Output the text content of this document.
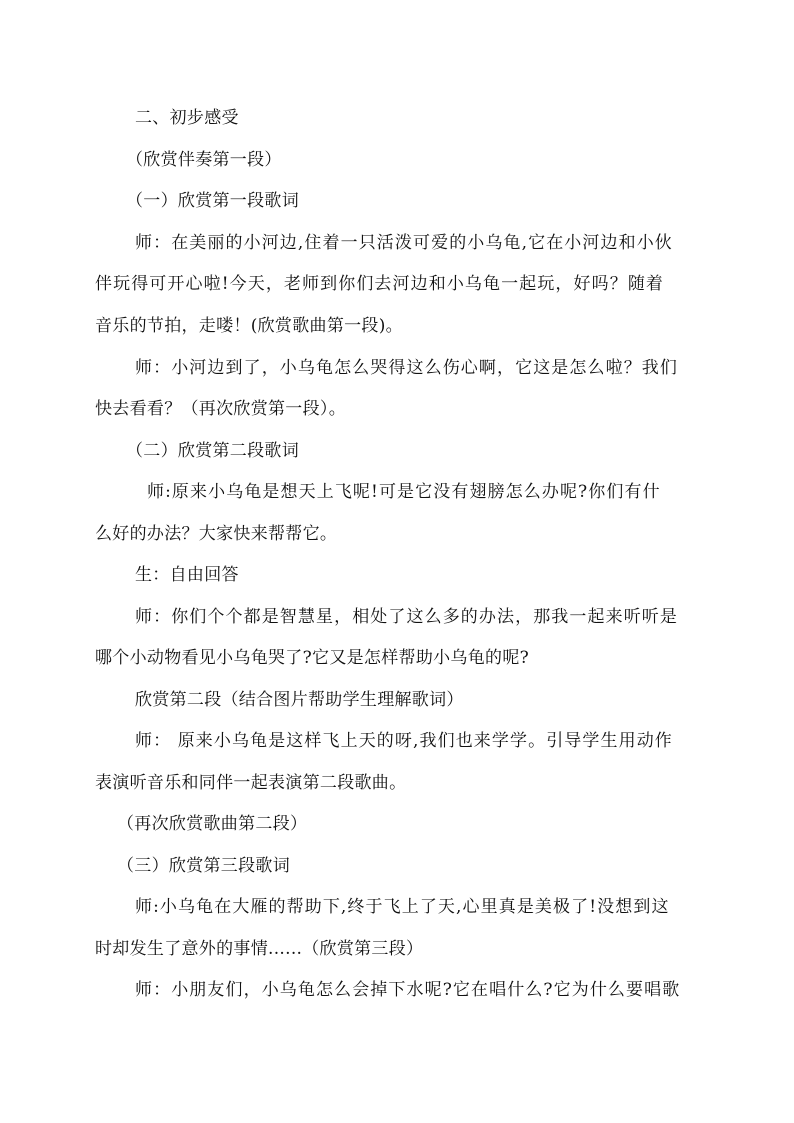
二、初步感受
（欣赏伴奏第一段）
（一）欣赏第一段歌词
师：在美丽的小河边,住着一只活泼可爱的小乌龟,它在小河边和小伙
伴玩得可开心啦!今天，老师到你们去河边和小乌龟一起玩，好吗？随着
音乐的节拍，走喽！(欣赏歌曲第一段)。
师：小河边到了，小乌龟怎么哭得这么伤心啊，它这是怎么啦？我们
快去看看？（再次欣赏第一段）。
（二）欣赏第二段歌词
师:原来小乌龟是想天上飞呢!可是它没有翅膀怎么办呢?你们有什
么好的办法？大家快来帮帮它。
生：自由回答
师：你们个个都是智慧星，相处了这么多的办法，那我一起来听听是
哪个小动物看见小乌龟哭了?它又是怎样帮助小乌龟的呢?
欣赏第二段（结合图片帮助学生理解歌词）
师： 原来小乌龟是这样飞上天的呀,我们也来学学。引导学生用动作
表演听音乐和同伴一起表演第二段歌曲。
（再次欣赏歌曲第二段）
（三）欣赏第三段歌词
师:小乌龟在大雁的帮助下,终于飞上了天,心里真是美极了!没想到这
时却发生了意外的事情......（欣赏第三段）
师：小朋友们，小乌龟怎么会掉下水呢?它在唱什么?它为什么要唱歌
